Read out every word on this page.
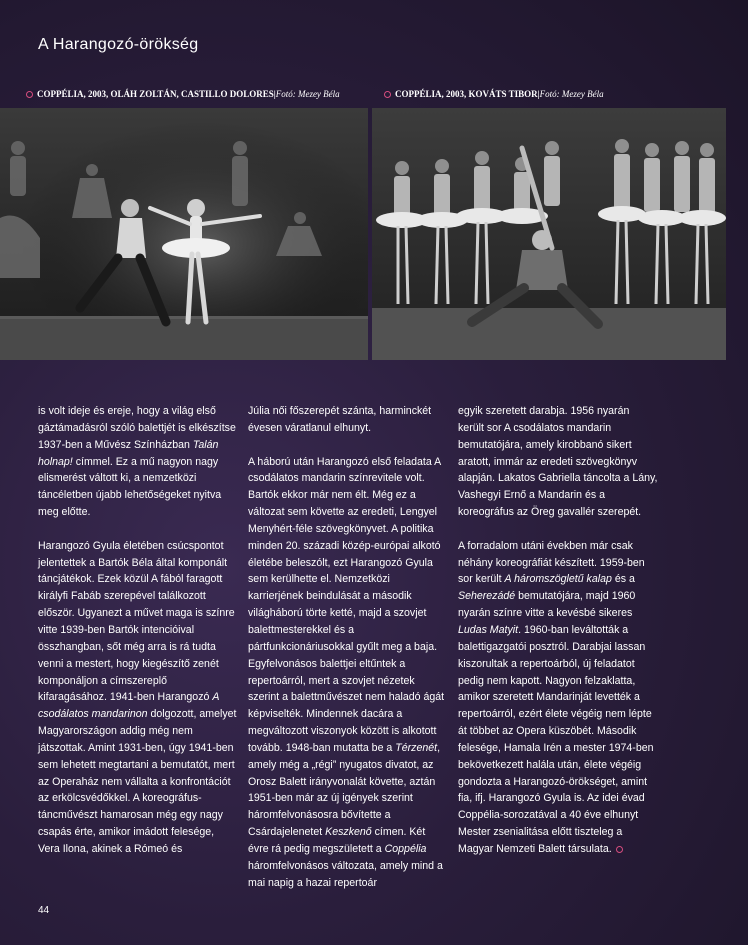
A Harangozó-örökség
COPPÉLIA, 2003, OLÁH ZOLTÁN, CASTILLO DOLORES | Fotó: Mezey Béla	COPPÉLIA, 2003, KOVÁTS TIBOR | Fotó: Mezey Béla

is volt ideje és ereje, hogy a világ első gáztámadásról szóló balettjét is elkészítse 1937-ben a Művész Színházban Talán holnap! címmel. Ez a mű nagyon nagy elismerést váltott ki, a nemzetközi táncéletben újabb lehetőségeket nyitva meg előtte.

Harangozó Gyula életében csúcspontot jelentettek a Bartók Béla által komponált táncjátékok. Ezek közül A fából faragott királyfi Fabáb szerepével találkozott először. Ugyanezt a művet maga is színre vitte 1939-ben Bartók intencióival összhangban, sőt még arra is rá tudta venni a mestert, hogy kiegészítő zenét komponáljon a címszereplő kifaragásához. 1941-ben Harangozó A csodálatos mandarinon dolgozott, amelyet Magyarországon addig még nem játszottak. Amint 1931-ben, úgy 1941-ben sem lehetett megtartani a bemutatót, mert az Operaház nem vállalta a konfrontációt az erkölcsvédőkkel. A koreográfus-táncművészt hamarosan még egy nagy csapás érte, amikor imádott felesége, Vera Ilona, akinek a Rómeó és

Júlia női főszerepét szánta, harminckét évesen váratlanul elhunyt.

A háború után Harangozó első feladata A csodálatos mandarin színrevitele volt. Bartók ekkor már nem élt. Még ez a változat sem követte az eredeti, Lengyel Menyhért-féle szövegkönyvet. A politika minden 20. századi közép-európai alkotó életébe beleszólt, ezt Harangozó Gyula sem kerülhette el. Nemzetközi karrierjének beindulását a második világháború törte ketté, majd a szovjet balettmesterekkel és a pártfunkcionáriusokkal gyűlt meg a baja. Egyfelvonásos balettjei eltűntek a repertoárról, mert a szovjet nézetek szerint a balettművészet nem haladó ágát képviselték. Mindennek dacára a megváltozott viszonyok között is alkotott tovább. 1948-ban mutatta be a Térzenét, amely még a „régi” nyugatos divatot, az Orosz Balett irányvonalát követte, aztán 1951-ben már az új igények szerint háromfelvonásosra bővítette a Csárdajelenetet Keszkenő címen. Két évre rá pedig megszületett a Coppélia háromfelvonásos változata, amely mind a mai napig a hazai repertoár

egyik szeretett darabja. 1956 nyarán került sor A csodálatos mandarin bemutatójára, amely kirobbanó sikert aratott, immár az eredeti szövegkönyv alapján. Lakatos Gabriella táncolta a Lány, Vashegyi Ernő a Mandarin és a koreográfus az Öreg gavallér szerepét.

A forradalom utáni években már csak néhány koreográfiát készített. 1959-ben sor került A háromszögletű kalap és a Seherezádé bemutatójára, majd 1960 nyarán színre vitte a kevésbé sikeres Ludas Matyit. 1960-ban leváltották a balettigazgatói posztról. Darabjai lassan kiszorultak a repertoárból, új feladatot pedig nem kapott. Nagyon felzaklatta, amikor szeretett Mandarinját levették a repertoárról, ezért élete végéig nem lépte át többet az Opera küszöbét. Második felesége, Hamala Irén a mester 1974-ben bekövetkezett halála után, élete végéig gondozta a Harangozó-örökséget, amint fia, ifj. Harangozó Gyula is. Az idei évad Coppélia-sorozatával a 40 éve elhunyt Mester zsenialitása előtt tiszteleg a Magyar Nemzeti Balett társulata.

44
